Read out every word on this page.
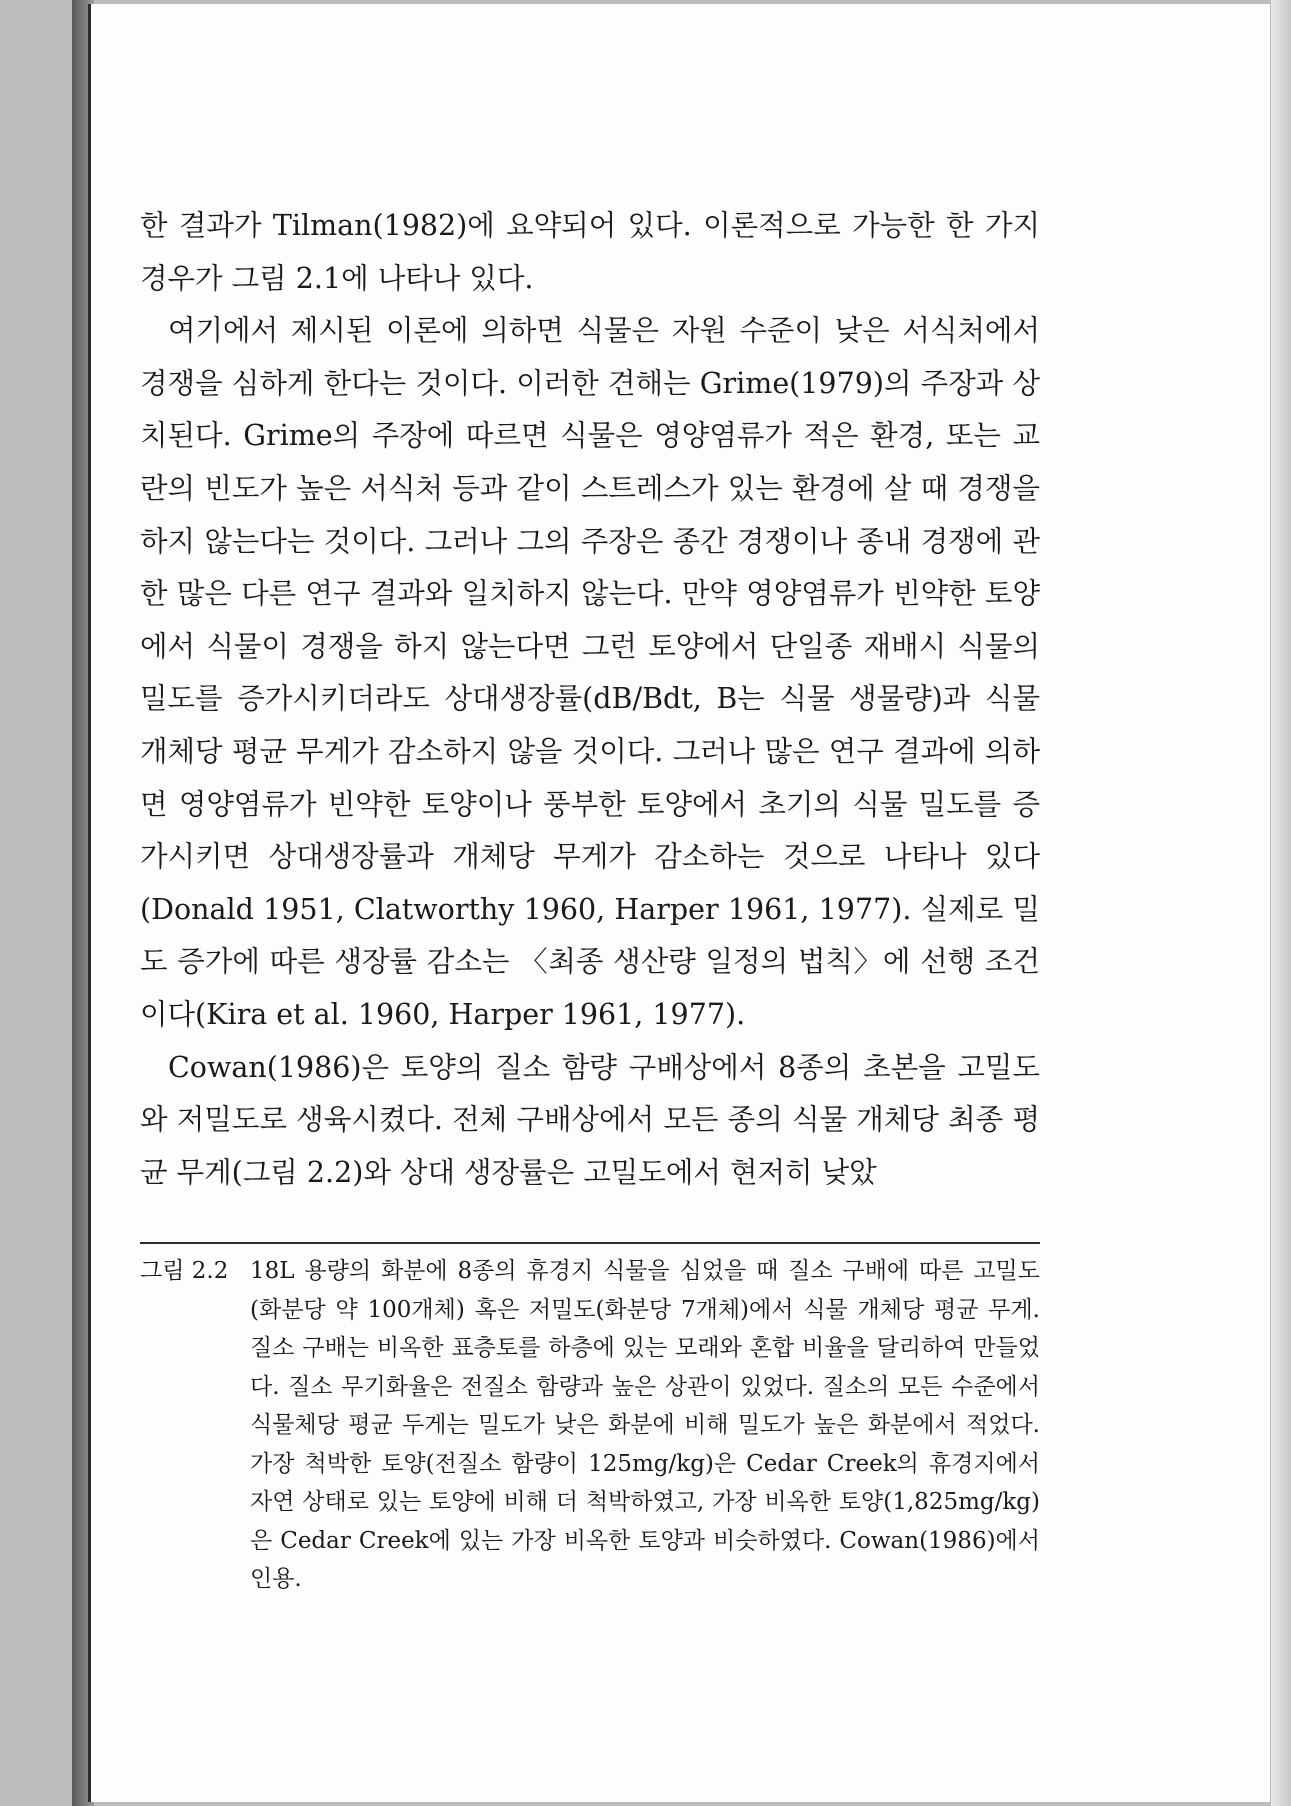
한 결과가 Tilman(1982)에 요약되어 있다. 이론적으로 가능한 한 가지 경우가 그림 2.1에 나타나 있다.

여기에서 제시된 이론에 의하면 식물은 자원 수준이 낮은 서식처에서 경쟁을 심하게 한다는 것이다. 이러한 견해는 Grime(1979)의 주장과 상치된다. Grime의 주장에 따르면 식물은 영양염류가 적은 환경, 또는 교란의 빈도가 높은 서식처 등과 같이 스트레스가 있는 환경에 살 때 경쟁을 하지 않는다는 것이다. 그러나 그의 주장은 종간 경쟁이나 종내 경쟁에 관한 많은 다른 연구 결과와 일치하지 않는다. 만약 영양염류가 빈약한 토양에서 식물이 경쟁을 하지 않는다면 그런 토양에서 단일종 재배시 식물의 밀도를 증가시키더라도 상대생장률(dB/Bdt, B는 식물 생물량)과 식물 개체당 평균 무게가 감소하지 않을 것이다. 그러나 많은 연구 결과에 의하면 영양염류가 빈약한 토양이나 풍부한 토양에서 초기의 식물 밀도를 증가시키면 상대생장률과 개체당 무게가 감소하는 것으로 나타나 있다(Donald 1951, Clatworthy 1960, Harper 1961, 1977). 실제로 밀도 증가에 따른 생장률 감소는 〈최종 생산량 일정의 법칙〉에 선행 조건이다(Kira et al. 1960, Harper 1961, 1977).

Cowan(1986)은 토양의 질소 함량 구배상에서 8종의 초본을 고밀도와 저밀도로 생육시켰다. 전체 구배상에서 모든 종의 식물 개체당 최종 평균 무게(그림 2.2)와 상대 생장률은 고밀도에서 현저히 낮았

그림 2.2 18L 용량의 화분에 8종의 휴경지 식물을 심었을 때 질소 구배에 따른 고밀도(화분당 약 100개체) 혹은 저밀도(화분당 7개체)에서 식물 개체당 평균 무게. 질소 구배는 비옥한 표층토를 하층에 있는 모래와 혼합 비율을 달리하여 만들었다. 질소 무기화율은 전질소 함량과 높은 상관이 있었다. 질소의 모든 수준에서 식물체당 평균 두게는 밀도가 낮은 화분에 비해 밀도가 높은 화분에서 적었다. 가장 척박한 토양(전질소 함량이 125mg/kg)은 Cedar Creek의 휴경지에서 자연 상태로 있는 토양에 비해 더 척박하였고, 가장 비옥한 토양(1,825mg/kg)은 Cedar Creek에 있는 가장 비옥한 토양과 비슷하였다. Cowan(1986)에서 인용.
